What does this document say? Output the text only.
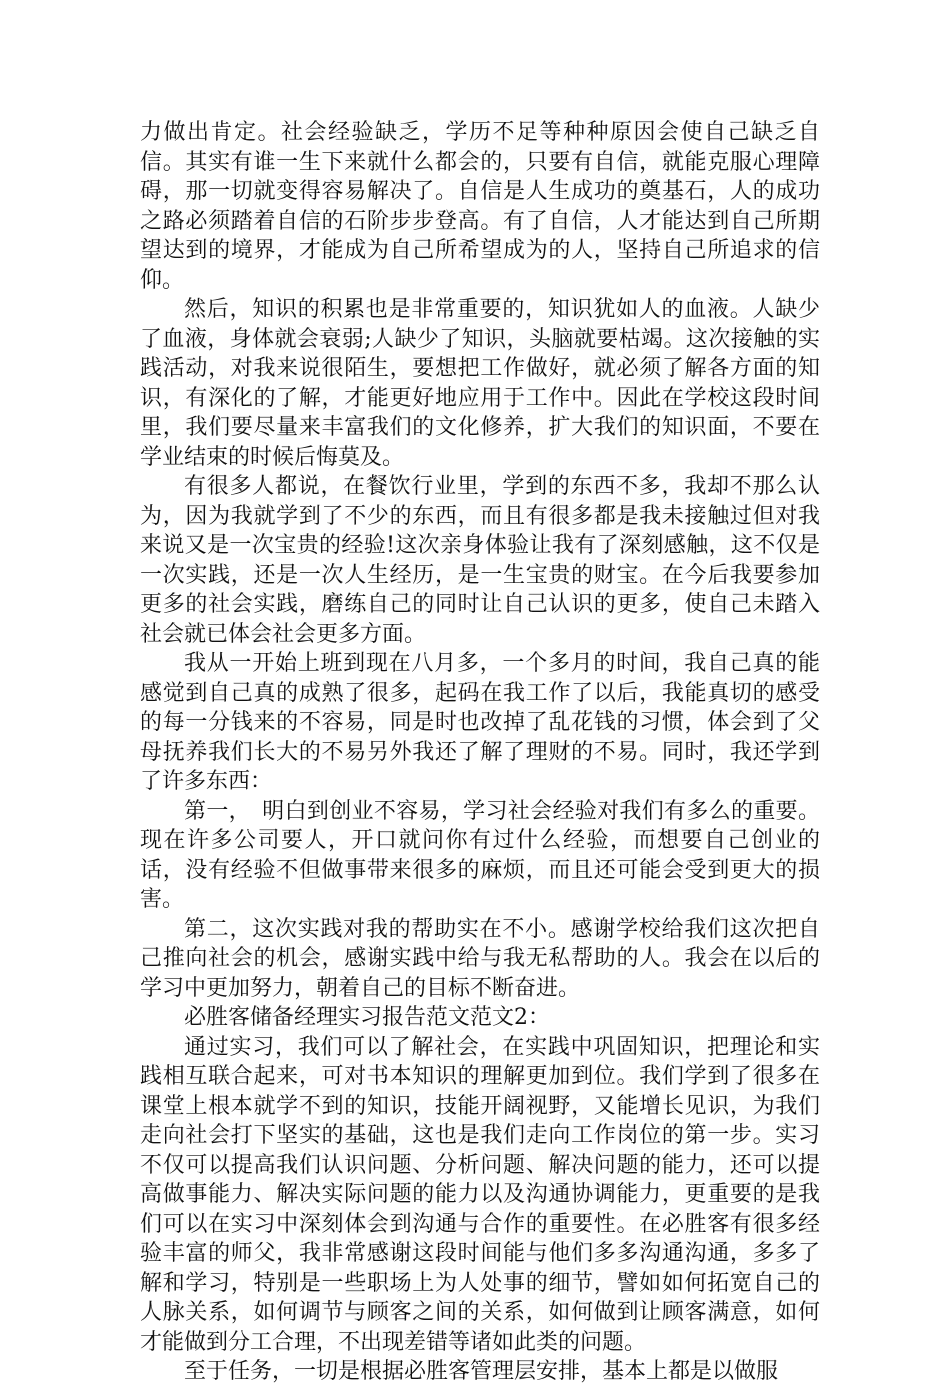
力做出肯定。社会经验缺乏，学历不足等种种原因会使自己缺乏自信。其实有谁一生下来就什么都会的，只要有自信，就能克服心理障碍，那一切就变得容易解决了。自信是人生成功的奠基石，人的成功之路必须踏着自信的石阶步步登高。有了自信，人才能达到自己所期望达到的境界，才能成为自己所希望成为的人，坚持自己所追求的信仰。

然后，知识的积累也是非常重要的，知识犹如人的血液。人缺少了血液，身体就会衰弱;人缺少了知识，头脑就要枯竭。这次接触的实践活动，对我来说很陌生，要想把工作做好，就必须了解各方面的知识，有深化的了解，才能更好地应用于工作中。因此在学校这段时间里，我们要尽量来丰富我们的文化修养，扩大我们的知识面，不要在学业结束的时候后悔莫及。

有很多人都说，在餐饮行业里，学到的东西不多，我却不那么认为，因为我就学到了不少的东西，而且有很多都是我未接触过但对我来说又是一次宝贵的经验!这次亲身体验让我有了深刻感触，这不仅是一次实践，还是一次人生经历，是一生宝贵的财宝。在今后我要参加更多的社会实践，磨练自己的同时让自己认识的更多，使自己未踏入社会就已体会社会更多方面。

我从一开始上班到现在八月多，一个多月的时间，我自己真的能感觉到自己真的成熟了很多，起码在我工作了以后，我能真切的感受的每一分钱来的不容易，同是时也改掉了乱花钱的习惯，体会到了父母抚养我们长大的不易另外我还了解了理财的不易。同时，我还学到了许多东西：

第一，　明白到创业不容易，学习社会经验对我们有多么的重要。现在许多公司要人，开口就问你有过什么经验，而想要自己创业的话，没有经验不但做事带来很多的麻烦，而且还可能会受到更大的损害。

第二，这次实践对我的帮助实在不小。感谢学校给我们这次把自己推向社会的机会，感谢实践中给与我无私帮助的人。我会在以后的学习中更加努力，朝着自己的目标不断奋进。

必胜客储备经理实习报告范文范文2：

通过实习，我们可以了解社会，在实践中巩固知识，把理论和实践相互联合起来，可对书本知识的理解更加到位。我们学到了很多在课堂上根本就学不到的知识，技能开阔视野，又能增长见识，为我们走向社会打下坚实的基础，这也是我们走向工作岗位的第一步。实习不仅可以提高我们认识问题、分析问题、解决问题的能力，还可以提高做事能力、解决实际问题的能力以及沟通协调能力，更重要的是我们可以在实习中深刻体会到沟通与合作的重要性。在必胜客有很多经验丰富的师父，我非常感谢这段时间能与他们多多沟通沟通，多多了解和学习，特别是一些职场上为人处事的细节，譬如如何拓宽自己的人脉关系，如何调节与顾客之间的关系，如何做到让顾客满意，如何才能做到分工合理，不出现差错等诸如此类的问题。

至于任务，一切是根据必胜客管理层安排，基本上都是以做服
